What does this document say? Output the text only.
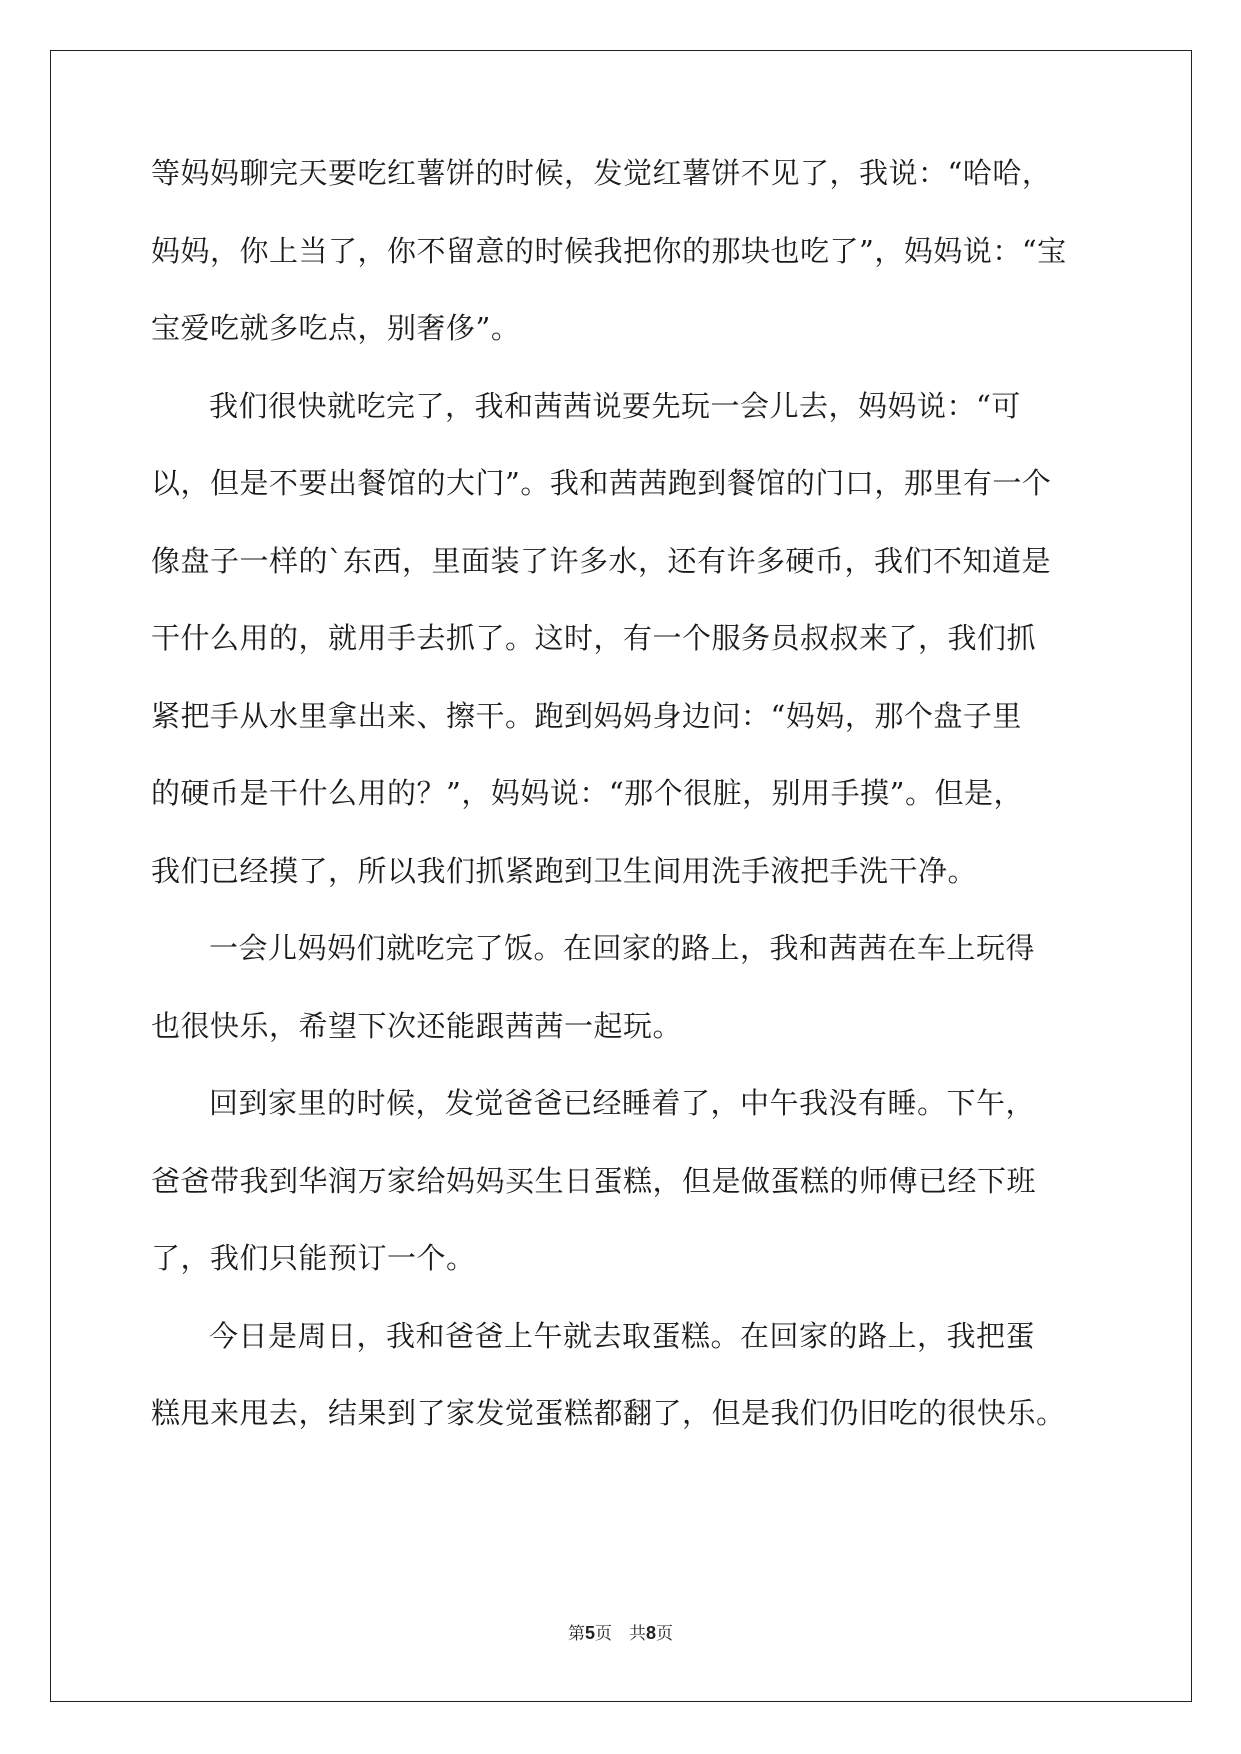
等妈妈聊完天要吃红薯饼的时候，发觉红薯饼不见了，我说：“哈哈，
妈妈，你上当了，你不留意的时候我把你的那块也吃了”，妈妈说：“宝
宝爱吃就多吃点，别奢侈”。
我们很快就吃完了，我和茜茜说要先玩一会儿去，妈妈说：“可
以，但是不要出餐馆的大门”。我和茜茜跑到餐馆的门口，那里有一个
像盘子一样的`东西，里面装了许多水，还有许多硬币，我们不知道是
干什么用的，就用手去抓了。这时，有一个服务员叔叔来了，我们抓
紧把手从水里拿出来、擦干。跑到妈妈身边问：“妈妈，那个盘子里
的硬币是干什么用的？”，妈妈说：“那个很脏，别用手摸”。但是，
我们已经摸了，所以我们抓紧跑到卫生间用洗手液把手洗干净。
一会儿妈妈们就吃完了饭。在回家的路上，我和茜茜在车上玩得
也很快乐，希望下次还能跟茜茜一起玩。
回到家里的时候，发觉爸爸已经睡着了，中午我没有睡。下午，
爸爸带我到华润万家给妈妈买生日蛋糕，但是做蛋糕的师傅已经下班
了，我们只能预订一个。
今日是周日，我和爸爸上午就去取蛋糕。在回家的路上，我把蛋
糕甩来甩去，结果到了家发觉蛋糕都翻了，但是我们仍旧吃的很快乐。
第5页　共8页
